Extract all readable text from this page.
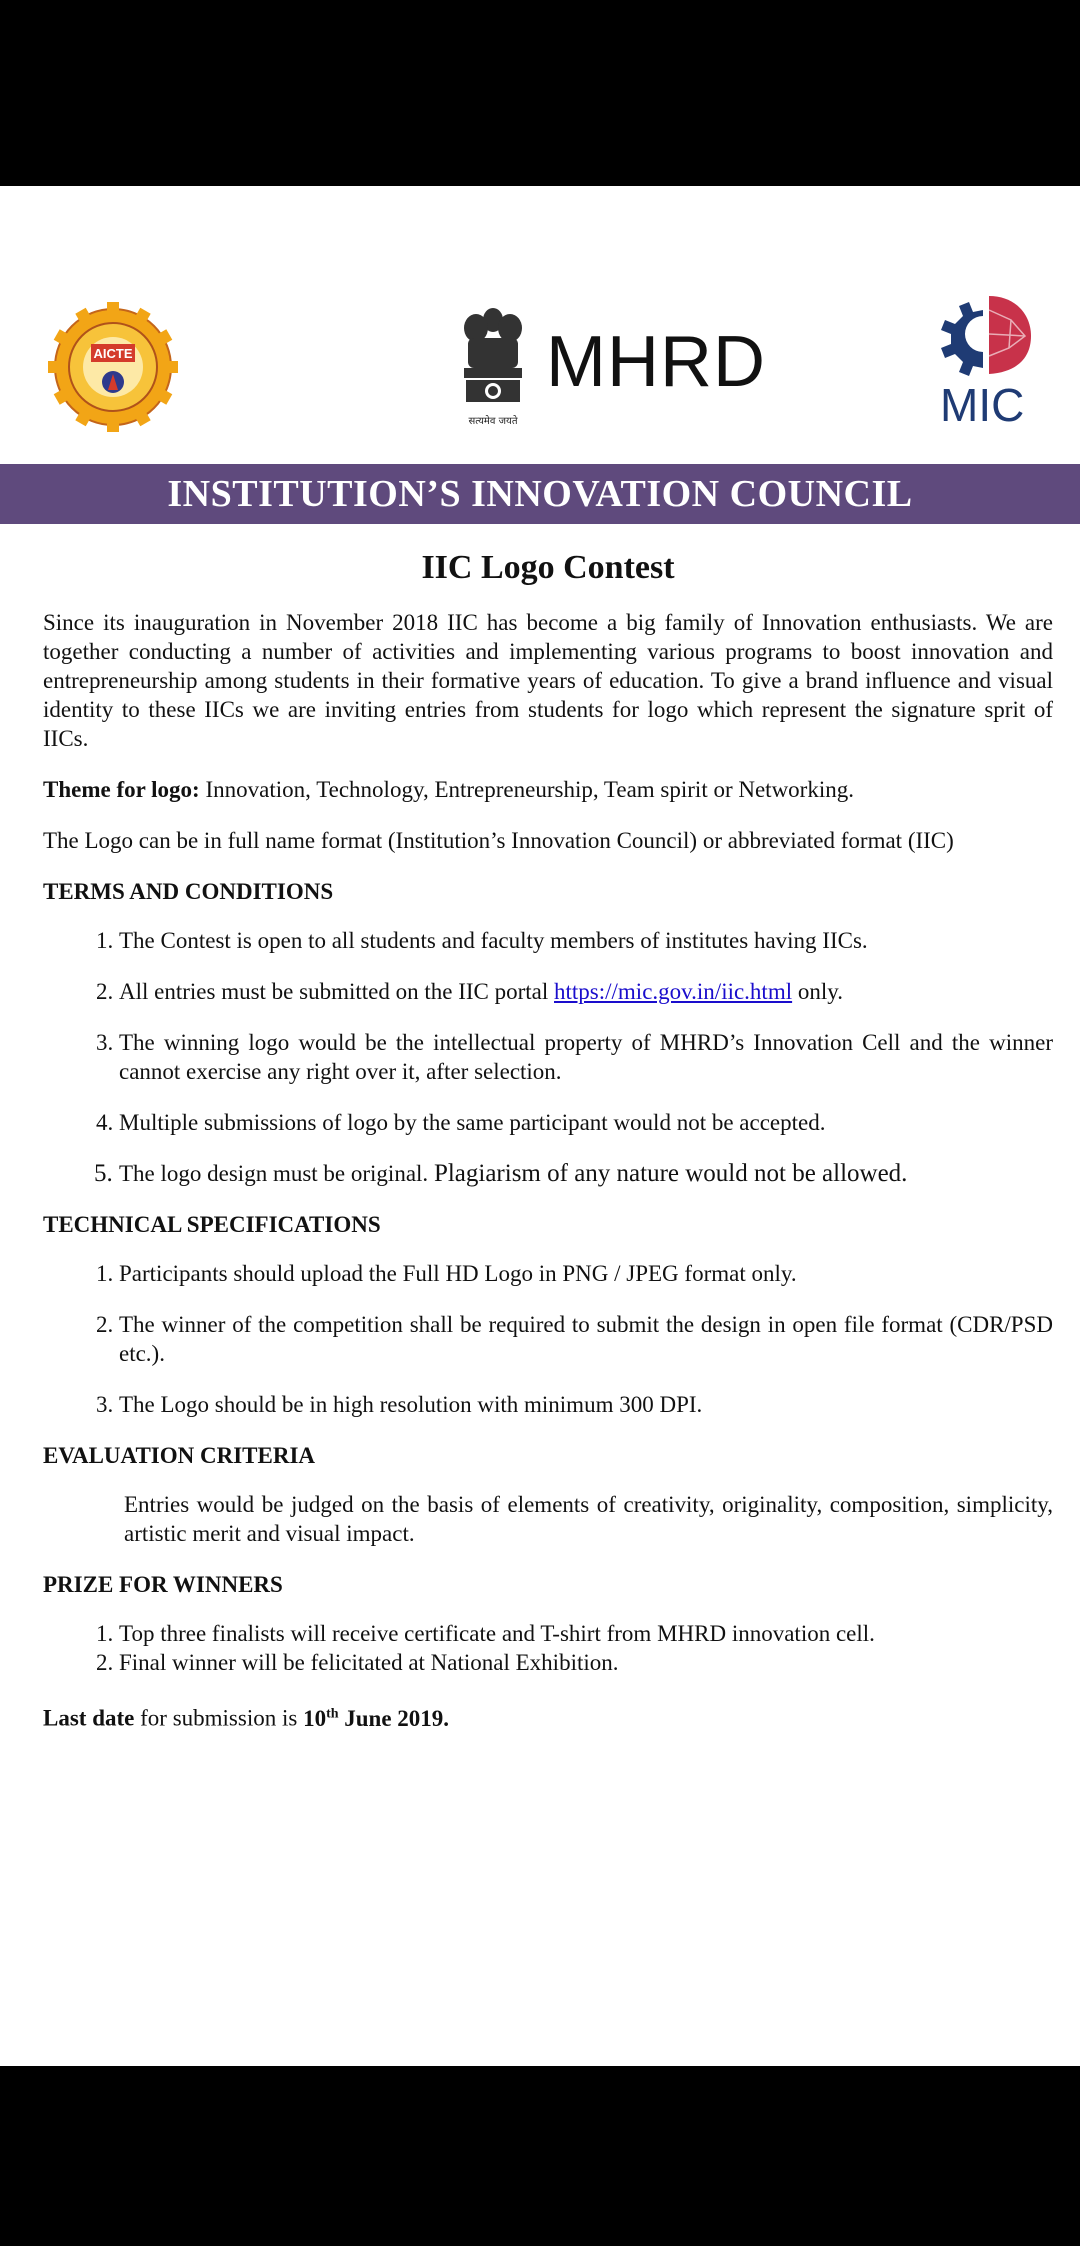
AICTE
सत्यमेव जयते
MHRD
MIC
INSTITUTION’S INNOVATION COUNCIL
IIC Logo Contest

Since its inauguration in November 2018 IIC has become a big family of Innovation enthusiasts. We are together conducting a number of activities and implementing various programs to boost innovation and entrepreneurship among students in their formative years of education. To give a brand influence and visual identity to these IICs we are inviting entries from students for logo which represent the signature sprit of IICs.

Theme for logo: Innovation, Technology, Entrepreneurship, Team spirit or Networking.

The Logo can be in full name format (Institution’s Innovation Council) or abbreviated format (IIC)

TERMS AND CONDITIONS
1. The Contest is open to all students and faculty members of institutes having IICs.
2. All entries must be submitted on the IIC portal https://mic.gov.in/iic.html only.
3. The winning logo would be the intellectual property of MHRD’s Innovation Cell and the winner cannot exercise any right over it, after selection.
4. Multiple submissions of logo by the same participant would not be accepted.
5. The logo design must be original. Plagiarism of any nature would not be allowed.
TECHNICAL SPECIFICATIONS
1. Participants should upload the Full HD Logo in PNG / JPEG format only.
2. The winner of the competition shall be required to submit the design in open file format (CDR/PSD etc.).
3. The Logo should be in high resolution with minimum 300 DPI.
EVALUATION CRITERIA
Entries would be judged on the basis of elements of creativity, originality, composition, simplicity, artistic merit and visual impact.
PRIZE FOR WINNERS
1. Top three finalists will receive certificate and T-shirt from MHRD innovation cell.
2. Final winner will be felicitated at National Exhibition.

Last date for submission is 10th June 2019.
